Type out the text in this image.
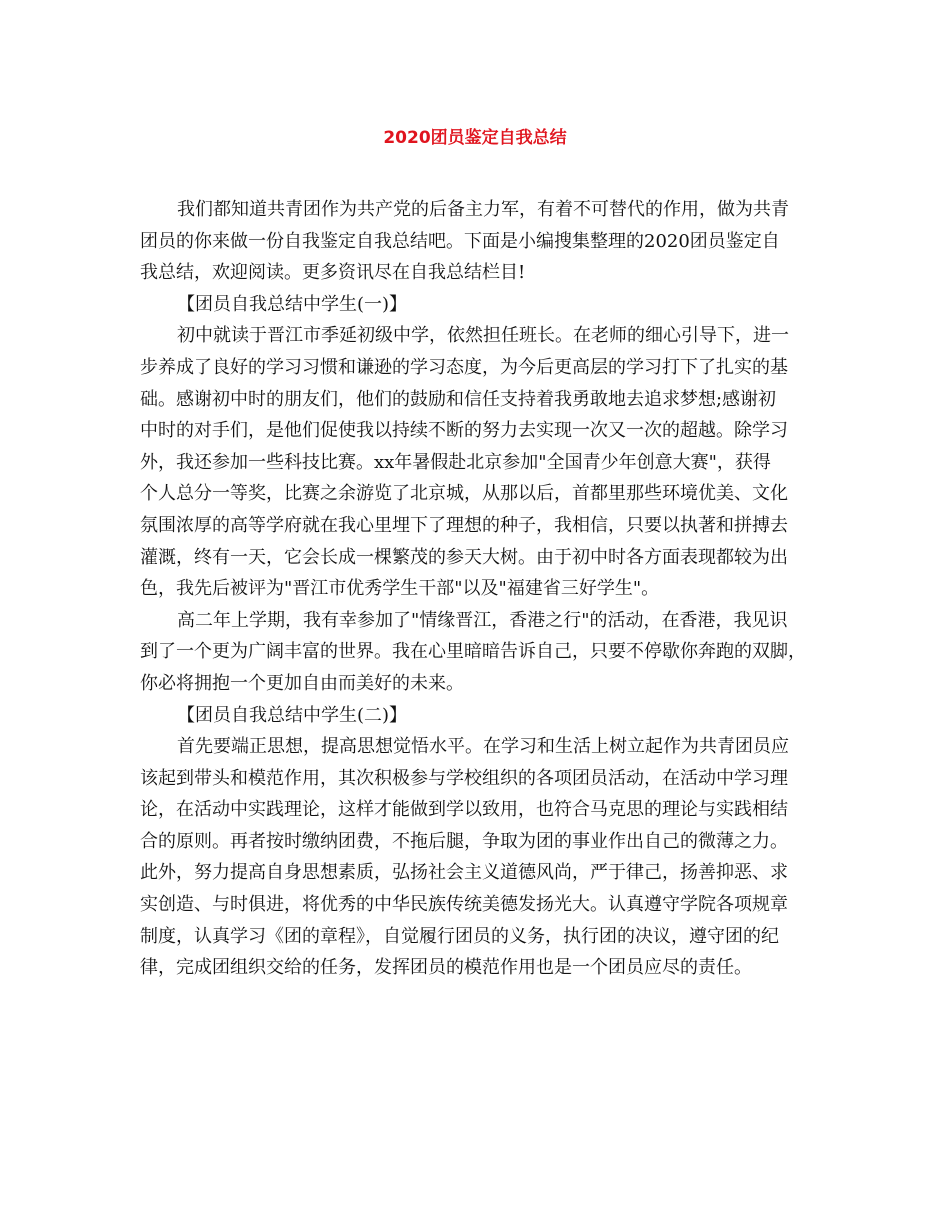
2020团员鉴定自我总结
我们都知道共青团作为共产党的后备主力军，有着不可替代的作用，做为共青
团员的你来做一份自我鉴定自我总结吧。下面是小编搜集整理的2020团员鉴定自
我总结，欢迎阅读。更多资讯尽在自我总结栏目!
【团员自我总结中学生(一)】
初中就读于晋江市季延初级中学，依然担任班长。在老师的细心引导下，进一
步养成了良好的学习习惯和谦逊的学习态度，为今后更高层的学习打下了扎实的基
础。感谢初中时的朋友们，他们的鼓励和信任支持着我勇敢地去追求梦想;感谢初
中时的对手们，是他们促使我以持续不断的努力去实现一次又一次的超越。除学习
外，我还参加一些科技比赛。xx年暑假赴北京参加"全国青少年创意大赛"，获得
个人总分一等奖，比赛之余游览了北京城，从那以后，首都里那些环境优美、文化
氛围浓厚的高等学府就在我心里埋下了理想的种子，我相信，只要以执著和拼搏去
灌溉，终有一天，它会长成一棵繁茂的参天大树。由于初中时各方面表现都较为出
色，我先后被评为"晋江市优秀学生干部"以及"福建省三好学生"。
高二年上学期，我有幸参加了"情缘晋江，香港之行"的活动，在香港，我见识
到了一个更为广阔丰富的世界。我在心里暗暗告诉自己，只要不停歇你奔跑的双脚，
你必将拥抱一个更加自由而美好的未来。
【团员自我总结中学生(二)】
首先要端正思想，提高思想觉悟水平。在学习和生活上树立起作为共青团员应
该起到带头和模范作用，其次积极参与学校组织的各项团员活动，在活动中学习理
论，在活动中实践理论，这样才能做到学以致用，也符合马克思的理论与实践相结
合的原则。再者按时缴纳团费，不拖后腿，争取为团的事业作出自己的微薄之力。
此外，努力提高自身思想素质，弘扬社会主义道德风尚，严于律己，扬善抑恶、求
实创造、与时俱进，将优秀的中华民族传统美德发扬光大。认真遵守学院各项规章
制度，认真学习《团的章程》，自觉履行团员的义务，执行团的决议，遵守团的纪
律，完成团组织交给的任务，发挥团员的模范作用也是一个团员应尽的责任。
